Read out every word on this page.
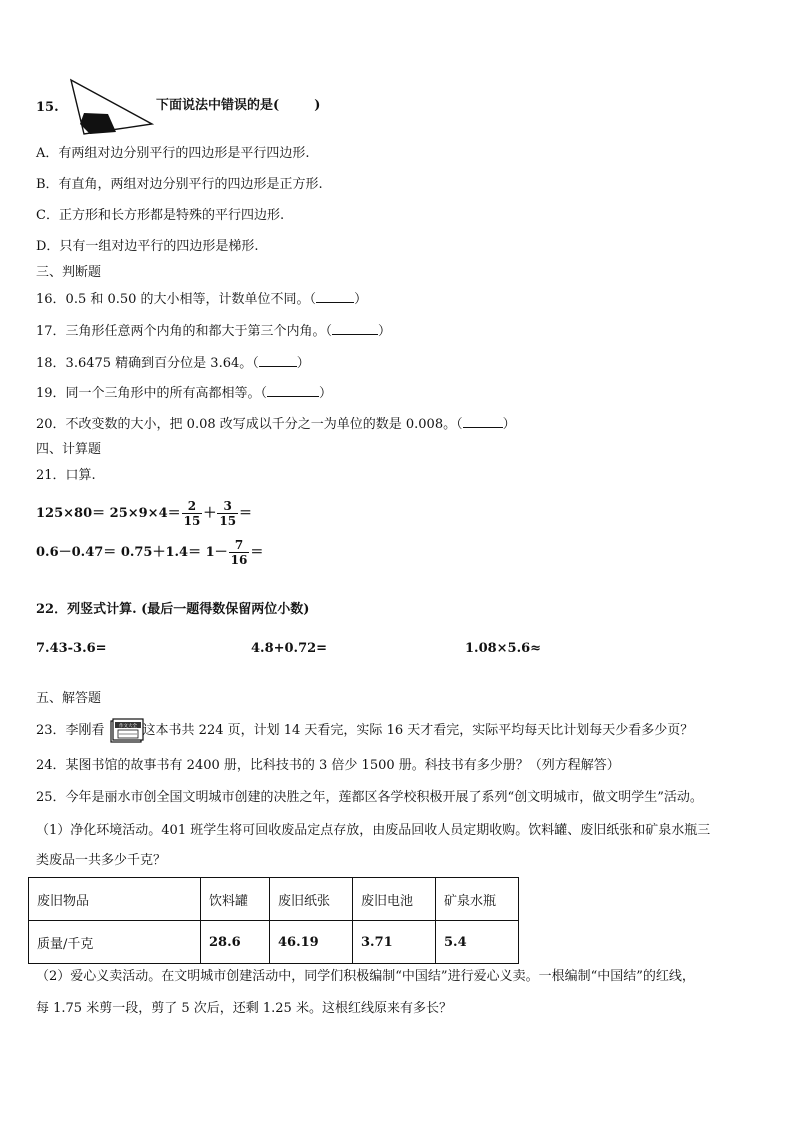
15.	下面说法中错误的是(	)
A．有两组对边分别平行的四边形是平行四边形.
B．有直角，两组对边分别平行的四边形是正方形.
C．正方形和长方形都是特殊的平行四边形.
D．只有一组对边平行的四边形是梯形.
三、判断题
16．0.5 和 0.50 的大小相等，计数单位不同。（	）
17．三角形任意两个内角的和都大于第三个内角。（	）
18．3.6475 精确到百分位是 3.64。（	）
19．同一个三角形中的所有高都相等。（	）
20．不改变数的大小，把 0.08 改写成以千分之一为单位的数是 0.008。（	）
四、计算题
21．口算.
$125\times 80= 25\times 9\times 4= \frac{2}{15} + \frac{3}{15}$ ＝
$0.6-0.47= 0.75+1.4= 1- \frac{7}{16}$ ＝
22．列竖式计算. (最后一题得数保留两位小数)
7.43-3.6=	4.8+0.72=	1.08×5.6≈
五、解答题
23．李刚看	这本书共 224 页，计划 14 天看完，实际 16 天才看完，实际平均每天比计划每天少看多少页？
作文大全
24．某图书馆的故事书有 2400 册，比科技书的 3 倍少 1500 册。科技书有多少册？（列方程解答）
25．今年是丽水市创全国文明城市创建的决胜之年，莲都区各学校积极开展了系列“创文明城市，做文明学生”活动。
（1）净化环境活动。401 班学生将可回收废品定点存放，由废品回收人员定期收购。饮料罐、废旧纸张和矿泉水瓶三
类废品一共多少千克？
废旧物品	饮料罐	废旧纸张	废旧电池	矿泉水瓶
质量/千克	28.6	46.19	3.71	5.4
（2）爱心义卖活动。在文明城市创建活动中，同学们积极编制“中国结”进行爱心义卖。一根编制“中国结”的红线，
每 1.75 米剪一段，剪了 5 次后，还剩 1.25 米。这根红线原来有多长？
